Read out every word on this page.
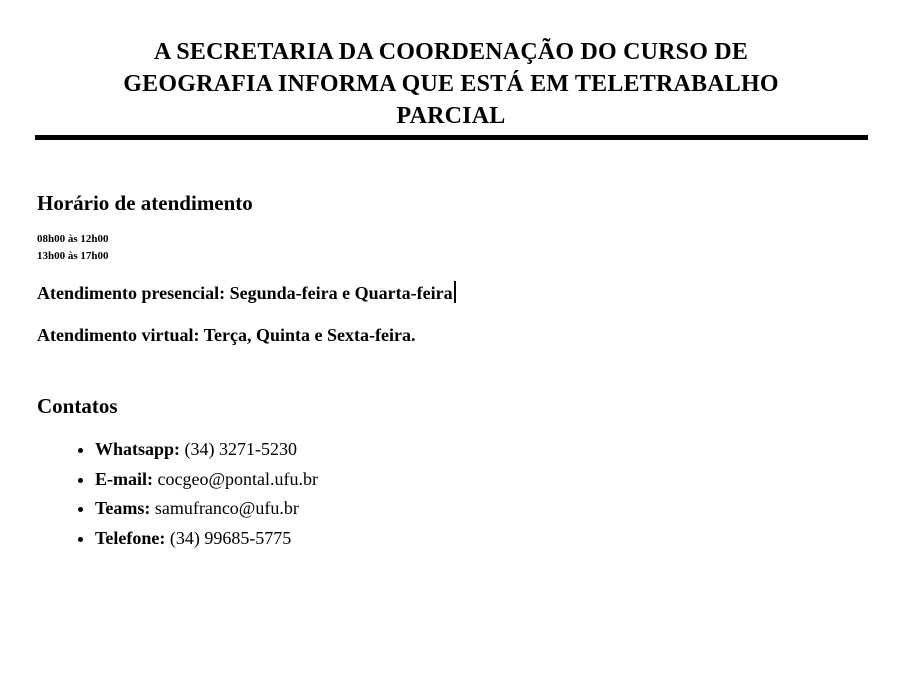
A SECRETARIA DA COORDENAÇÃO DO CURSO DE
GEOGRAFIA INFORMA QUE ESTÁ EM TELETRABALHO
PARCIAL
Horário de atendimento
08h00 às 12h00
13h00 às 17h00
Atendimento presencial: Segunda-feira e Quarta-feira
Atendimento virtual: Terça, Quinta e Sexta-feira.
Contatos
• Whatsapp: (34) 3271-5230
• E-mail: cocgeo@pontal.ufu.br
• Teams: samufranco@ufu.br
• Telefone: (34) 99685-5775
